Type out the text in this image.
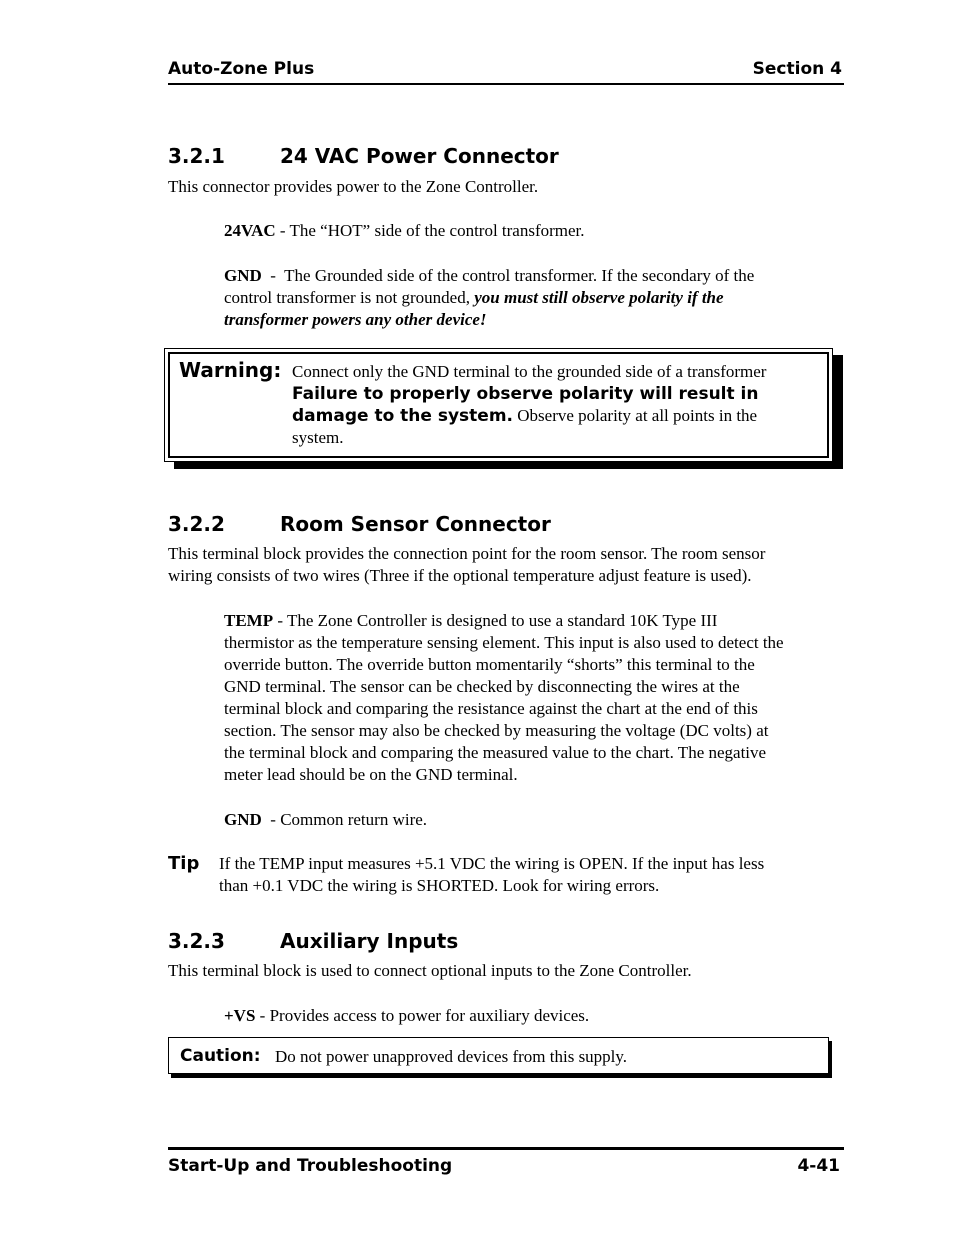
Auto-Zone Plus	Section 4
3.2.1	24 VAC Power Connector
This connector provides power to the Zone Controller.
24VAC - The “HOT” side of the control transformer.
GND  -  The Grounded side of the control transformer. If the secondary of the
control transformer is not grounded, you must still observe polarity if the
transformer powers any other device!
Warning: Connect only the GND terminal to the grounded side of a transformer
Failure to properly observe polarity will result in
damage to the system. Observe polarity at all points in the
system.
3.2.2	Room Sensor Connector
This terminal block provides the connection point for the room sensor. The room sensor
wiring consists of two wires (Three if the optional temperature adjust feature is used).
TEMP - The Zone Controller is designed to use a standard 10K Type III
thermistor as the temperature sensing element. This input is also used to detect the
override button. The override button momentarily “shorts” this terminal to the
GND terminal. The sensor can be checked by disconnecting the wires at the
terminal block and comparing the resistance against the chart at the end of this
section. The sensor may also be checked by measuring the voltage (DC volts) at
the terminal block and comparing the measured value to the chart. The negative
meter lead should be on the GND terminal.
GND  - Common return wire.
Tip If the TEMP input measures +5.1 VDC the wiring is OPEN. If the input has less
than +0.1 VDC the wiring is SHORTED. Look for wiring errors.
3.2.3	Auxiliary Inputs
This terminal block is used to connect optional inputs to the Zone Controller.
+VS - Provides access to power for auxiliary devices.
Caution: Do not power unapproved devices from this supply.
Start-Up and Troubleshooting	4-41
